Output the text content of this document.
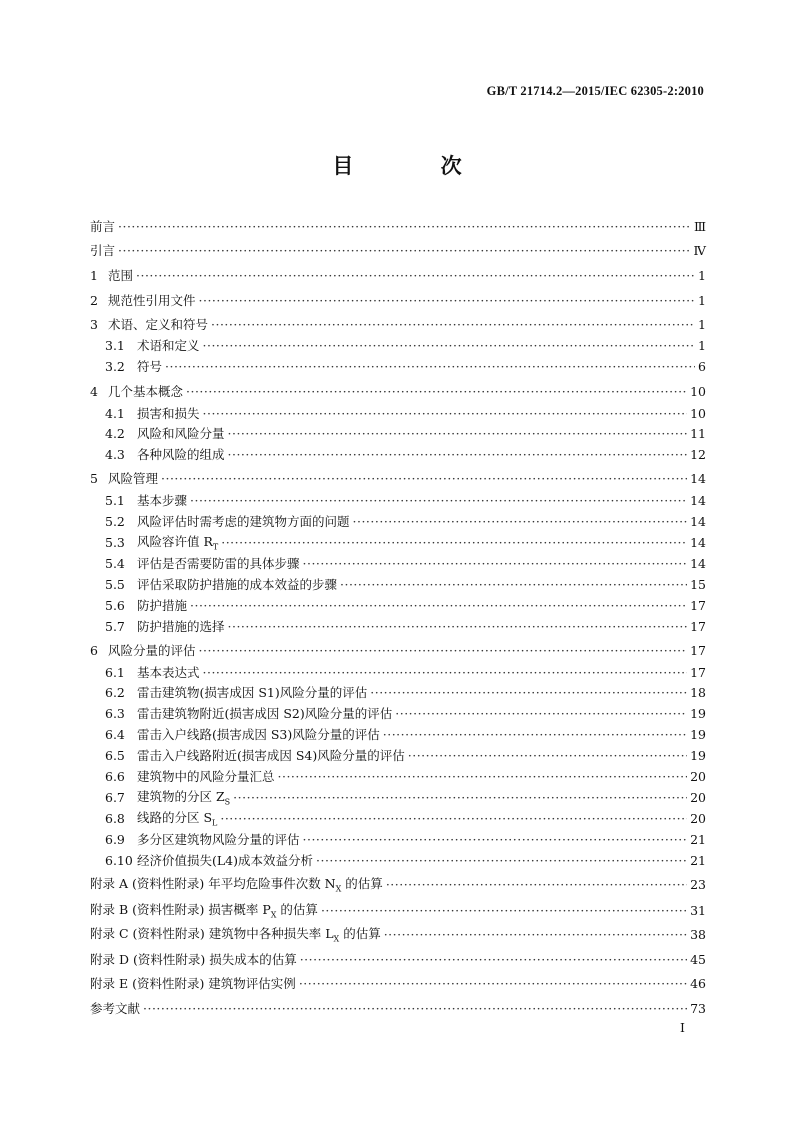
GB/T 21714.2—2015/IEC 62305-2:2010
目 次
前言 ·····	Ⅲ
引言 ·····	Ⅳ
1 范围 ·····	1
2 规范性引用文件 ·····	1
3 术语、定义和符号 ·····	1
3.1 术语和定义 ·····	1
3.2 符号 ·····	6
4 几个基本概念 ·····	10
4.1 损害和损失 ·····	10
4.2 风险和风险分量 ·····	11
4.3 各种风险的组成 ·····	12
5 风险管理 ·····	14
5.1 基本步骤 ·····	14
5.2 风险评估时需考虑的建筑物方面的问题 ·····	14
5.3 风险容许值 $R_T$ ·····	14
5.4 评估是否需要防雷的具体步骤 ·····	14
5.5 评估采取防护措施的成本效益的步骤 ·····	15
5.6 防护措施 ·····	17
5.7 防护措施的选择 ·····	17
6 风险分量的评估 ·····	17
6.1 基本表达式 ·····	17
6.2 雷击建筑物(损害成因 S1)风险分量的评估 ·····	18
6.3 雷击建筑物附近(损害成因 S2)风险分量的评估 ·····	19
6.4 雷击入户线路(损害成因 S3)风险分量的评估 ·····	19
6.5 雷击入户线路附近(损害成因 S4)风险分量的评估 ·····	19
6.6 建筑物中的风险分量汇总 ·····	20
6.7 建筑物的分区 $Z_S$ ·····	20
6.8 线路的分区 $S_L$ ·····	20
6.9 多分区建筑物风险分量的评估 ·····	21
6.10 经济价值损失(L4)成本效益分析 ·····	21
附录 A (资料性附录) 年平均危险事件次数 $N_X$ 的估算 ·····	23
附录 B (资料性附录) 损害概率 $P_X$ 的估算 ·····	31
附录 C (资料性附录) 建筑物中各种损失率 $L_X$ 的估算 ·····	38
附录 D (资料性附录) 损失成本的估算 ·····	45
附录 E (资料性附录) 建筑物评估实例 ·····	46
参考文献 ·····	73
I
